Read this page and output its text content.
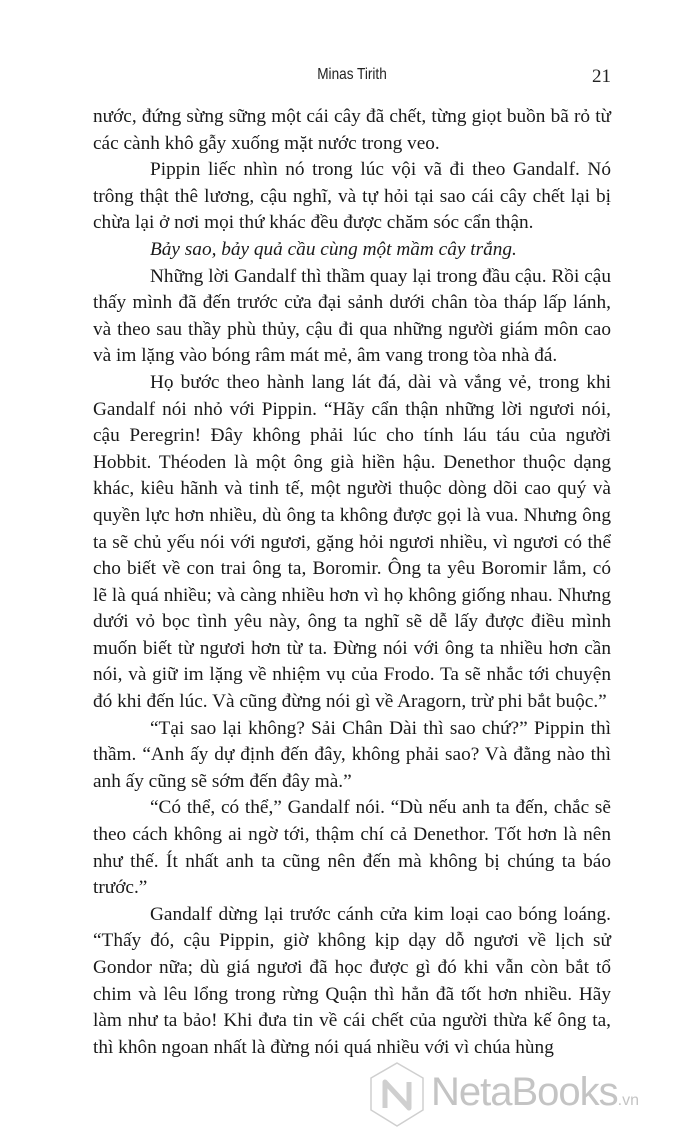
Minas Tirith	21

nước, đứng sừng sững một cái cây đã chết, từng giọt buồn bã rỏ từ các cành khô gẫy xuống mặt nước trong veo.

Pippin liếc nhìn nó trong lúc vội vã đi theo Gandalf. Nó trông thật thê lương, cậu nghĩ, và tự hỏi tại sao cái cây chết lại bị chừa lại ở nơi mọi thứ khác đều được chăm sóc cẩn thận.

Bảy sao, bảy quả cầu cùng một mầm cây trắng.

Những lời Gandalf thì thầm quay lại trong đầu cậu. Rồi cậu thấy mình đã đến trước cửa đại sảnh dưới chân tòa tháp lấp lánh, và theo sau thầy phù thủy, cậu đi qua những người giám môn cao và im lặng vào bóng râm mát mẻ, âm vang trong tòa nhà đá.

Họ bước theo hành lang lát đá, dài và vắng vẻ, trong khi Gandalf nói nhỏ với Pippin. “Hãy cẩn thận những lời ngươi nói, cậu Peregrin! Đây không phải lúc cho tính láu táu của người Hobbit. Théoden là một ông già hiền hậu. Denethor thuộc dạng khác, kiêu hãnh và tinh tế, một người thuộc dòng dõi cao quý và quyền lực hơn nhiều, dù ông ta không được gọi là vua. Nhưng ông ta sẽ chủ yếu nói với ngươi, gặng hỏi ngươi nhiều, vì ngươi có thể cho biết về con trai ông ta, Boromir. Ông ta yêu Boromir lắm, có lẽ là quá nhiều; và càng nhiều hơn vì họ không giống nhau. Nhưng dưới vỏ bọc tình yêu này, ông ta nghĩ sẽ dễ lấy được điều mình muốn biết từ ngươi hơn từ ta. Đừng nói với ông ta nhiều hơn cần nói, và giữ im lặng về nhiệm vụ của Frodo. Ta sẽ nhắc tới chuyện đó khi đến lúc. Và cũng đừng nói gì về Aragorn, trừ phi bắt buộc.”

“Tại sao lại không? Sải Chân Dài thì sao chứ?” Pippin thì thầm. “Anh ấy dự định đến đây, không phải sao? Và đằng nào thì anh ấy cũng sẽ sớm đến đây mà.”

“Có thể, có thể,” Gandalf nói. “Dù nếu anh ta đến, chắc sẽ theo cách không ai ngờ tới, thậm chí cả Denethor. Tốt hơn là nên như thế. Ít nhất anh ta cũng nên đến mà không bị chúng ta báo trước.”

Gandalf dừng lại trước cánh cửa kim loại cao bóng loáng. “Thấy đó, cậu Pippin, giờ không kịp dạy dỗ ngươi về lịch sử Gondor nữa; dù giá ngươi đã học được gì đó khi vẫn còn bắt tổ chim và lêu lổng trong rừng Quận thì hẳn đã tốt hơn nhiều. Hãy làm như ta bảo! Khi đưa tin về cái chết của người thừa kế ông ta, thì khôn ngoan nhất là đừng nói quá nhiều với vì chúa hùng

NetaBooks.vn
